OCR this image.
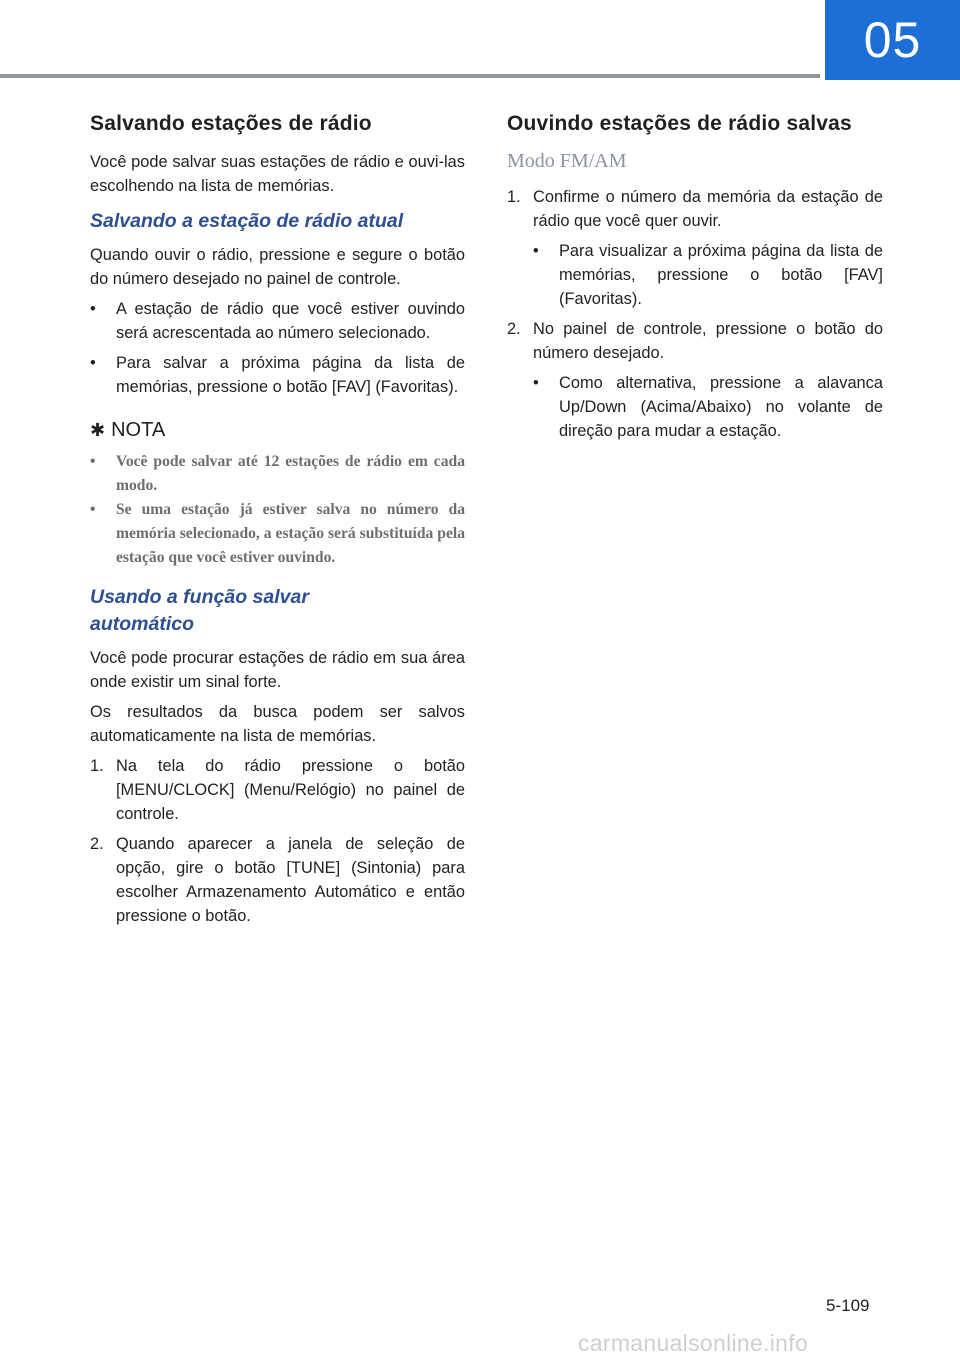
05
Salvando estações de rádio

Você pode salvar suas estações de rádio e ouvi-las escolhendo na lista de memórias.

Salvando a estação de rádio atual

Quando ouvir o rádio, pressione e segure o botão do número desejado no painel de controle.

• A estação de rádio que você estiver ouvindo será acrescentada ao número selecionado.
• Para salvar a próxima página da lista de memórias, pressione o botão [FAV] (Favoritas).
✱ NOTA
• Você pode salvar até 12 estações de rádio em cada modo.
• Se uma estação já estiver salva no número da memória selecionado, a estação será substituída pela estação que você estiver ouvindo.
Usando a função salvar
automático

Você pode procurar estações de rádio em sua área onde existir um sinal forte.

Os resultados da busca podem ser salvos automaticamente na lista de memórias.

1. Na tela do rádio pressione o botão [MENU/CLOCK] (Menu/Relógio) no painel de controle.
2. Quando aparecer a janela de seleção de opção, gire o botão [TUNE] (Sintonia) para escolher Armazenamento Automático e então pressione o botão.
Ouvindo estações de rádio salvas
Modo FM/AM
1. Confirme o número da memória da estação de rádio que você quer ouvir.
• Para visualizar a próxima página da lista de memórias, pressione o botão [FAV] (Favoritas).
2. No painel de controle, pressione o botão do número desejado.
• Como alternativa, pressione a alavanca Up/Down (Acima/Abaixo) no volante de direção para mudar a estação.
5-109
carmanualsonline.info
